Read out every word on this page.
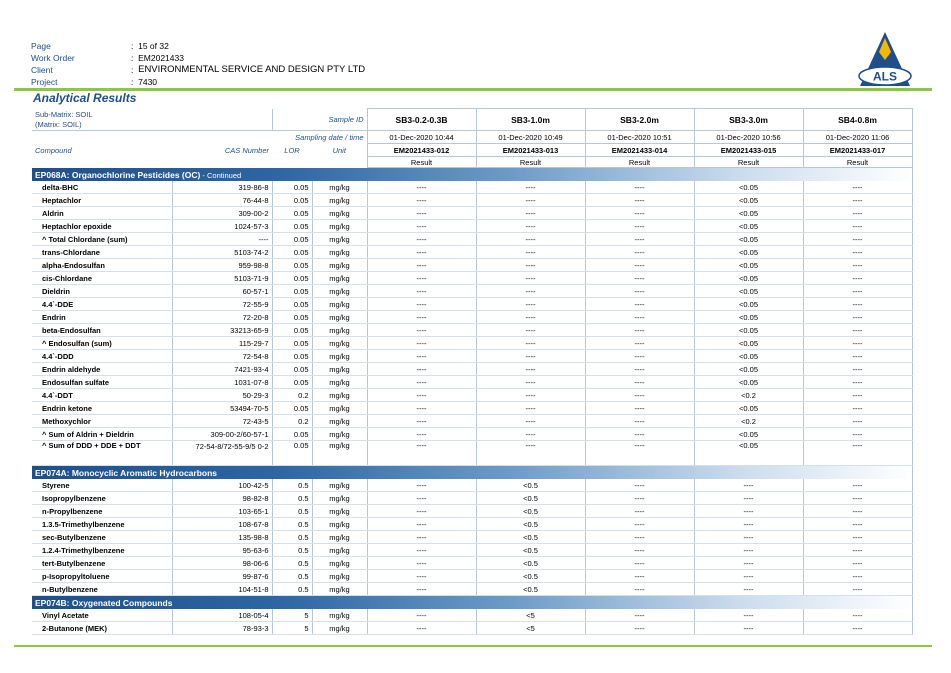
Page	:
15 of 32
Work Order	:
EM2021433
Client	:
ENVIRONMENTAL SERVICE AND DESIGN PTY LTD
Project	:
7430	ALS
Analytical Results
Sub-Matrix: SOIL		Sample ID		SB3-0.2-0.3B	SB3-1.0m	SB3-2.0m	SB3-3.0m	SB4-0.8m
(Matrix: SOIL)								
Sampling date / time				01-Dec-2020 10:44	01-Dec-2020 10:49	01-Dec-2020 10:51	01-Dec-2020 10:56	01-Dec-2020 11:06
Compound	CAS Number	LOR	Unit	EM2021433-012	EM2021433-013	EM2021433-014	EM2021433-015	EM2021433-017
				Result	Result	Result	Result	Result
EP068A: Organochlorine Pesticides (OC) - Continued								
delta-BHC	319-86-8	0.05	mg/kg	----	----	----	<0.05	----
Heptachlor	76-44-8	0.05	mg/kg	----	----	----	<0.05	----
Aldrin	309-00-2	0.05	mg/kg	----	----	----	<0.05	----
Heptachlor epoxide	1024-57-3	0.05	mg/kg	----	----	----	<0.05	----
^ Total Chlordane (sum)	----	0.05	mg/kg	----	----	----	<0.05	----
trans-Chlordane	5103-74-2	0.05	mg/kg	----	----	----	<0.05	----
alpha-Endosulfan	959-98-8	0.05	mg/kg	----	----	----	<0.05	----
cis-Chlordane	5103-71-9	0.05	mg/kg	----	----	----	<0.05	----
Dieldrin	60-57-1	0.05	mg/kg	----	----	----	<0.05	----
4.4`-DDE	72-55-9	0.05	mg/kg	----	----	----	<0.05	----
Endrin	72-20-8	0.05	mg/kg	----	----	----	<0.05	----
beta-Endosulfan	33213-65-9	0.05	mg/kg	----	----	----	<0.05	----
^ Endosulfan (sum)	115-29-7	0.05	mg/kg	----	----	----	<0.05	----
4.4`-DDD	72-54-8	0.05	mg/kg	----	----	----	<0.05	----
Endrin aldehyde	7421-93-4	0.05	mg/kg	----	----	----	<0.05	----
Endosulfan sulfate	1031-07-8	0.05	mg/kg	----	----	----	<0.05	----
4.4`-DDT	50-29-3	0.2	mg/kg	----	----	----	<0.2	----
Endrin ketone	53494-70-5	0.05	mg/kg	----	----	----	<0.05	----
Methoxychlor	72-43-5	0.2	mg/kg	----	----	----	<0.2	----
^ Sum of Aldrin + Dieldrin	309-00-2/60-57-1	0.05	mg/kg	----	----	----	<0.05	----
^ Sum of DDD + DDE + DDT	72-54-8/72-55-9/5 0-2	0.05	mg/kg	----	----	----	<0.05	----
EP074A: Monocyclic Aromatic Hydrocarbons								
Styrene	100-42-5	0.5	mg/kg	----	<0.5	----	----	----
Isopropylbenzene	98-82-8	0.5	mg/kg	----	<0.5	----	----	----
n-Propylbenzene	103-65-1	0.5	mg/kg	----	<0.5	----	----	----
1.3.5-Trimethylbenzene	108-67-8	0.5	mg/kg	----	<0.5	----	----	----
sec-Butylbenzene	135-98-8	0.5	mg/kg	----	<0.5	----	----	----
1.2.4-Trimethylbenzene	95-63-6	0.5	mg/kg	----	<0.5	----	----	----
tert-Butylbenzene	98-06-6	0.5	mg/kg	----	<0.5	----	----	----
p-Isopropyltoluene	99-87-6	0.5	mg/kg	----	<0.5	----	----	----
n-Butylbenzene	104-51-8	0.5	mg/kg	----	<0.5	----	----	----
EP074B: Oxygenated Compounds								
Vinyl Acetate	108-05-4	5	mg/kg	----	<5	----	----	----
2-Butanone (MEK)	78-93-3	5	mg/kg	----	<5	----	----	----
